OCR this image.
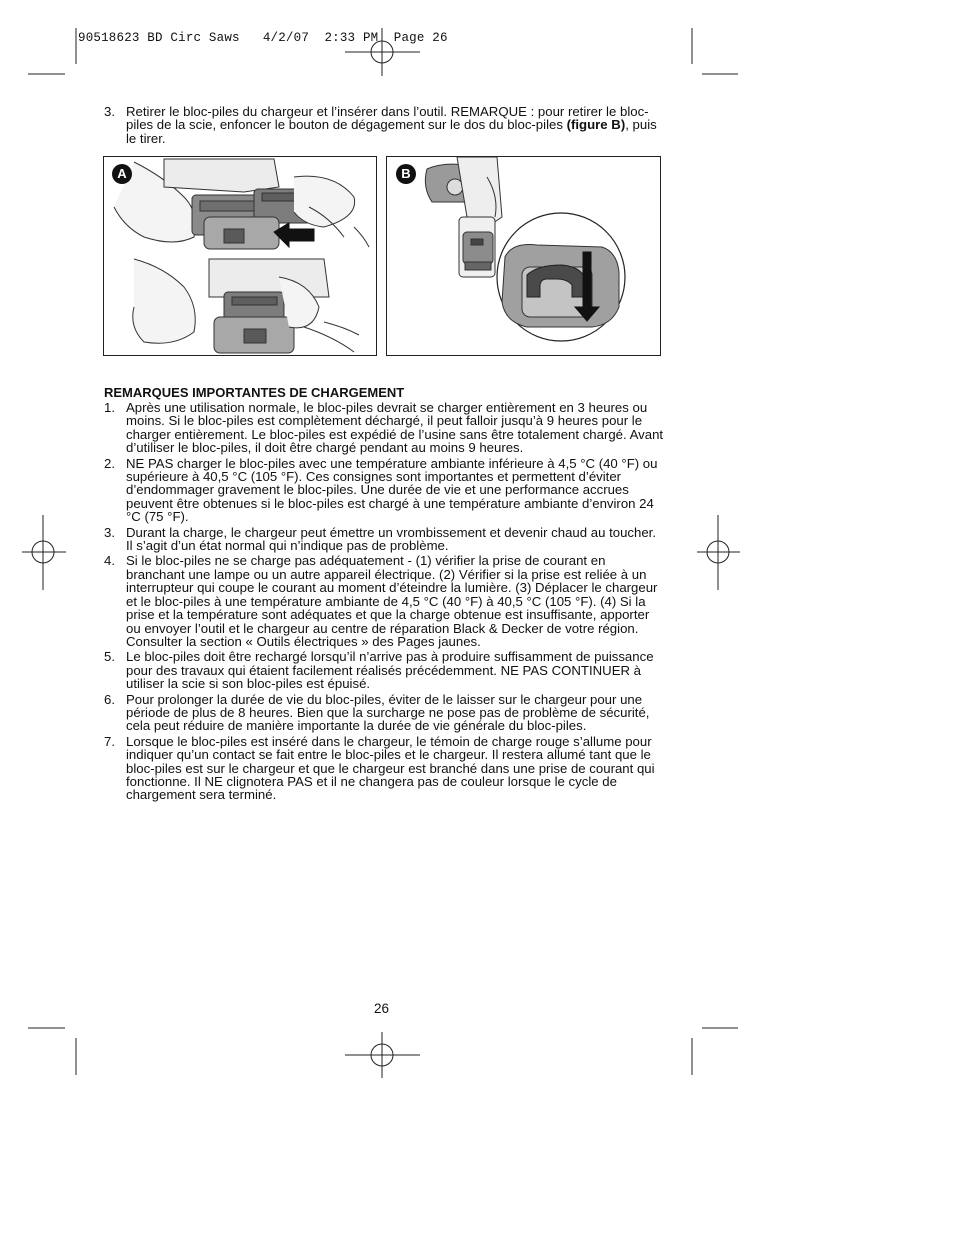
90518623 BD Circ Saws   4/2/07  2:33 PM  Page 26
3. Retirer le bloc-piles du chargeur et l’insérer dans l’outil. REMARQUE : pour retirer le bloc-piles de la scie, enfoncer le bouton de dégagement sur le dos du bloc-piles (figure B), puis le tirer.
A	B
REMARQUES IMPORTANTES DE CHARGEMENT
1. Après une utilisation normale, le bloc-piles devrait se charger entièrement en 3 heures ou moins. Si le bloc-piles est complètement déchargé, il peut falloir jusqu’à 9 heures pour le charger entièrement. Le bloc-piles est expédié de l’usine sans être totalement chargé. Avant d’utiliser le bloc-piles, il doit être chargé pendant au moins 9 heures.
2. NE PAS charger le bloc-piles avec une température ambiante inférieure à 4,5 °C (40 °F) ou supérieure à 40,5 °C (105 °F). Ces consignes sont importantes et permettent d’éviter d’endommager gravement le bloc-piles. Une durée de vie et une performance accrues peuvent être obtenues si le bloc-piles est chargé à une température ambiante d’environ 24 °C (75 °F).
3. Durant la charge, le chargeur peut émettre un vrombissement et devenir chaud au toucher. Il s’agit d’un état normal qui n’indique pas de problème.
4. Si le bloc-piles ne se charge pas adéquatement - (1) vérifier la prise de courant en branchant une lampe ou un autre appareil électrique. (2) Vérifier si la prise est reliée à un interrupteur qui coupe le courant au moment d’éteindre la lumière. (3) Déplacer le chargeur et le bloc-piles à une température ambiante de 4,5 °C (40 °F) à 40,5 °C (105 °F). (4) Si la prise et la température sont adéquates et que la charge obtenue est insuffisante, apporter ou envoyer l’outil et le chargeur au centre de réparation Black & Decker de votre région. Consulter la section « Outils électriques » des Pages jaunes.
5. Le bloc-piles doit être rechargé lorsqu’il n’arrive pas à produire suffisamment de puissance pour des travaux qui étaient facilement réalisés précédemment. NE PAS CONTINUER à utiliser la scie si son bloc-piles est épuisé.
6. Pour prolonger la durée de vie du bloc-piles, éviter de le laisser sur le chargeur pour une période de plus de 8 heures. Bien que la surcharge ne pose pas de problème de sécurité, cela peut réduire de manière importante la durée de vie générale du bloc-piles.
7. Lorsque le bloc-piles est inséré dans le chargeur, le témoin de charge rouge s’allume pour indiquer qu’un contact se fait entre le bloc-piles et le chargeur. Il restera allumé tant que le bloc-piles est sur le chargeur et que le chargeur est branché dans une prise de courant qui fonctionne. Il NE clignotera PAS et il ne changera pas de couleur lorsque le cycle de chargement sera terminé.
26
